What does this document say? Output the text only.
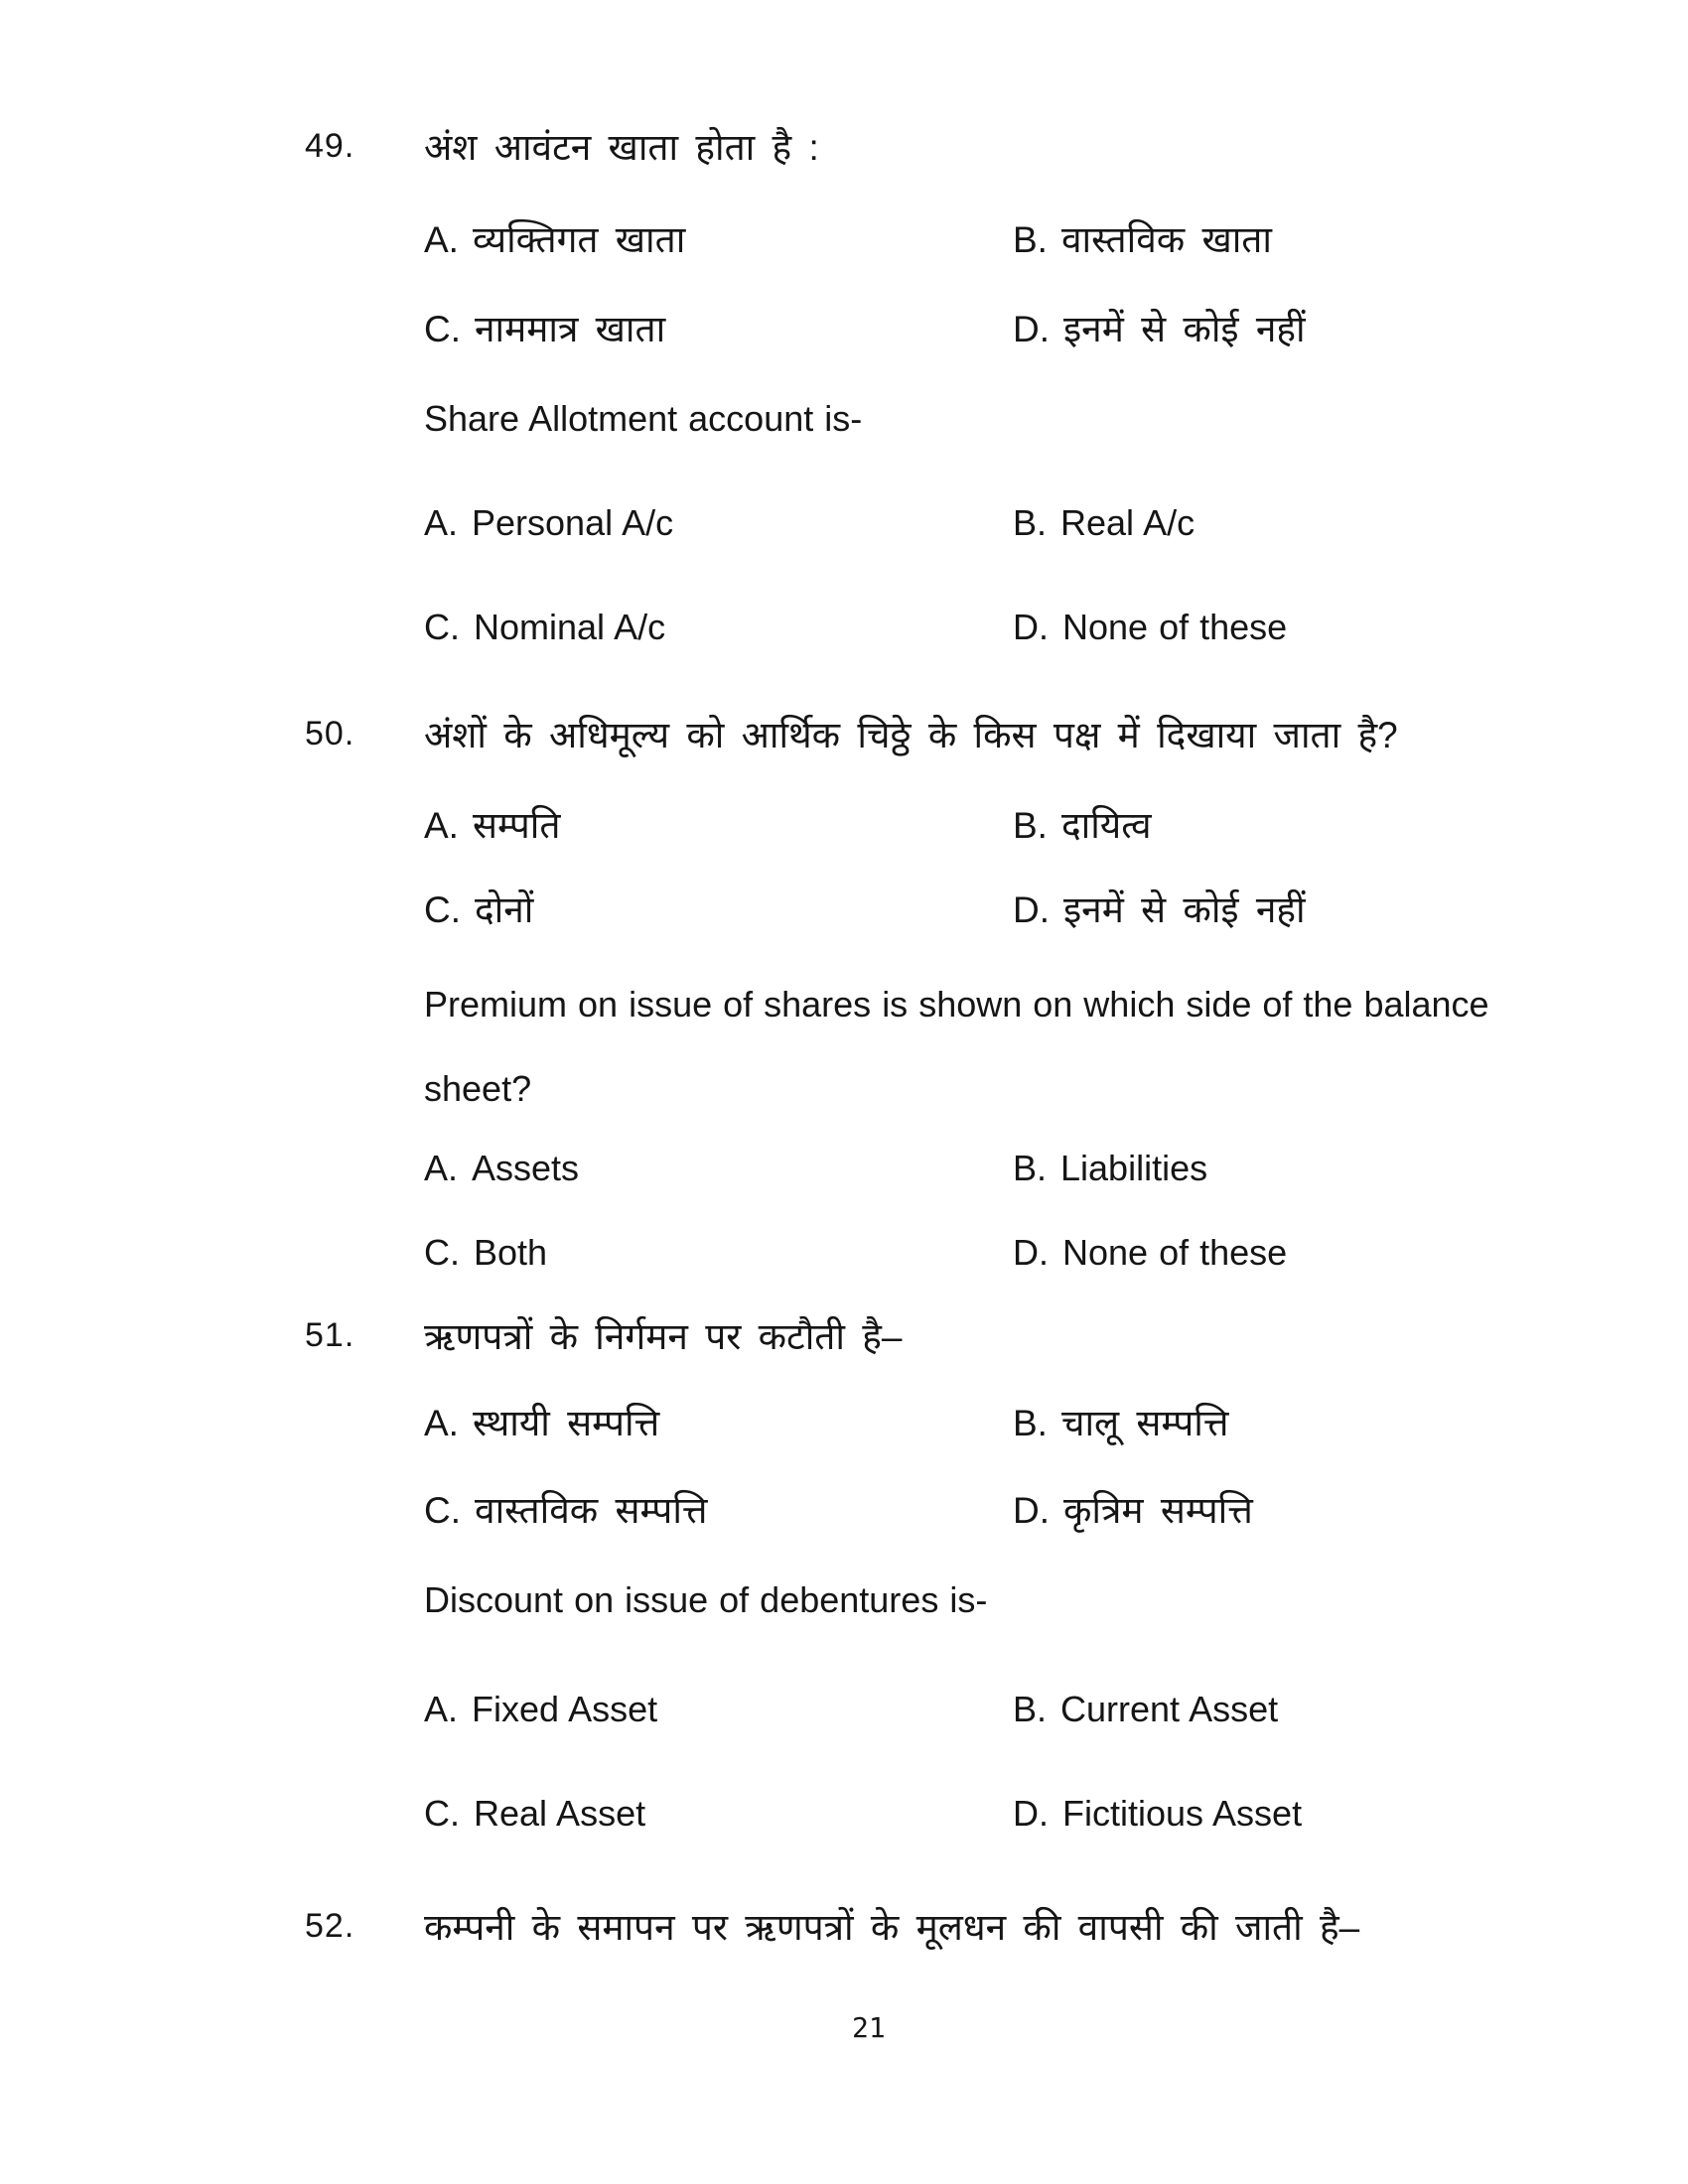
49. अंश आवंटन खाता होता है :
A. व्यक्तिगत खाता	B. वास्तविक खाता
C. नाममात्र खाता	D. इनमें से कोई नहीं
Share Allotment account is-
A. Personal A/c	B. Real A/c
C. Nominal A/c	D. None of these
50. अंशों के अधिमूल्य को आर्थिक चिठ्ठे के किस पक्ष में दिखाया जाता है?
A. सम्पति	B. दायित्व
C. दोनों	D. इनमें से कोई नहीं
Premium on issue of shares is shown on which side of the balance
sheet?
A. Assets	B. Liabilities
C. Both	D. None of these
51. ऋणपत्रों के निर्गमन पर कटौती है–
A. स्थायी सम्पत्ति	B. चालू सम्पत्ति
C. वास्तविक सम्पत्ति	D. कृत्रिम सम्पत्ति
Discount on issue of debentures is-
A. Fixed Asset	B. Current Asset
C. Real Asset	D. Fictitious Asset
52. कम्पनी के समापन पर ऋणपत्रों के मूलधन की वापसी की जाती है–
21
